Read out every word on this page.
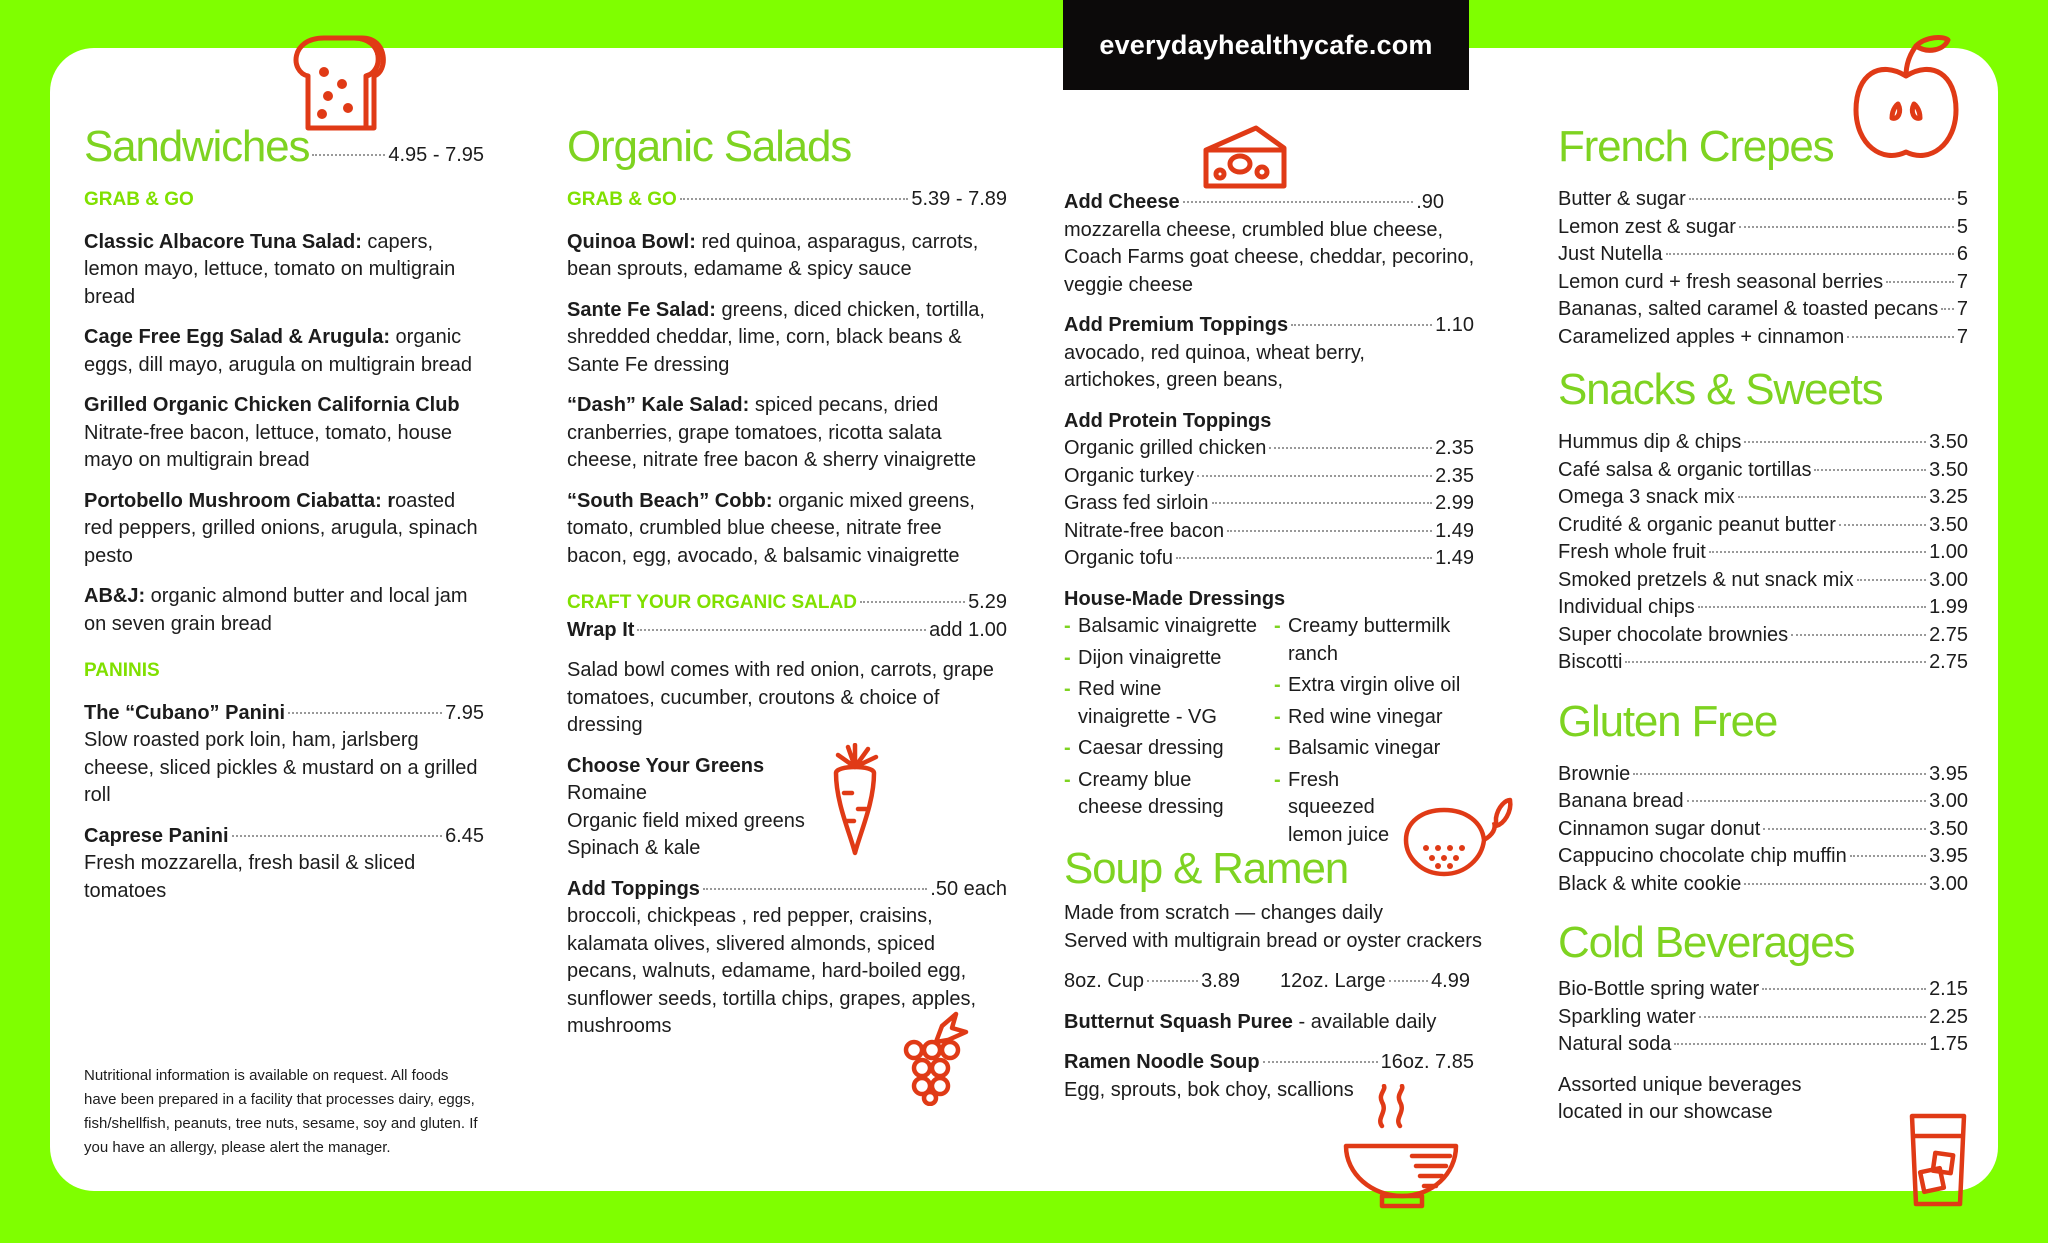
everydayhealthycafe.com
Sandwiches	4.95 - 7.95

GRAB & GO

Classic Albacore Tuna Salad: capers, lemon mayo, lettuce, tomato on multigrain bread

Cage Free Egg Salad & Arugula: organic eggs, dill mayo, arugula on multigrain bread

Grilled Organic Chicken California Club
Nitrate-free bacon, lettuce, tomato, house mayo on multigrain bread

Portobello Mushroom Ciabatta: roasted red peppers, grilled onions, arugula, spinach pesto

AB&J: organic almond butter and local jam on seven grain bread

PANINIS

The “Cubano” Panini	7.95

Slow roasted pork loin, ham, jarlsberg cheese, sliced pickles & mustard on a grilled roll

Caprese Panini	6.45

Fresh mozzarella, fresh basil & sliced tomatoes

Nutritional information is available on request. All foods have been prepared in a facility that processes dairy, eggs, fish/shellfish, peanuts, tree nuts, sesame, soy and gluten. If you have an allergy, please alert the manager.

Organic Salads
GRAB & GO	5.39 - 7.89

Quinoa Bowl: red quinoa, asparagus, carrots, bean sprouts, edamame & spicy sauce

Sante Fe Salad: greens, diced chicken, tortilla, shredded cheddar, lime, corn, black beans & Sante Fe dressing

“Dash” Kale Salad: spiced pecans, dried cranberries, grape tomatoes, ricotta salata cheese, nitrate free bacon & sherry vinaigrette

“South Beach” Cobb: organic mixed greens, tomato, crumbled blue cheese, nitrate free bacon, egg, avocado, & balsamic vinaigrette

CRAFT YOUR ORGANIC SALAD	5.29
Wrap It	add 1.00

Salad bowl comes with red onion, carrots, grape tomatoes, cucumber, croutons & choice of dressing

Choose Your Greens

Romaine

Organic field mixed greens

Spinach & kale

Add Toppings	.50 each

broccoli, chickpeas , red pepper, craisins, kalamata olives, slivered almonds, spiced pecans, walnuts, edamame, hard-boiled egg, sunflower seeds, tortilla chips, grapes, apples, mushrooms

Add Cheese	.90

mozzarella cheese, crumbled blue cheese, Coach Farms goat cheese, cheddar, pecorino, veggie cheese

Add Premium Toppings	1.10

avocado, red quinoa, wheat berry, artichokes, green beans,

Add Protein Toppings

Organic grilled chicken	2.35
Organic turkey	2.35
Grass fed sirloin	2.99
Nitrate-free bacon	1.49
Organic tofu	1.49

House-Made Dressings

- Balsamic vinaigrette
- Dijon vinaigrette
- Red wine vinaigrette - VG
- Caesar dressing
- Creamy blue cheese dressing
- Creamy buttermilk ranch
- Extra virgin olive oil
- Red wine vinegar
- Balsamic vinegar
- Fresh squeezed lemon juice
Soup & Ramen

Made from scratch — changes daily

Served with multigrain bread or oyster crackers

8oz. Cup	3.89 12oz. Large 4.99

Butternut Squash Puree - available daily

Ramen Noodle Soup	16oz. 7.85

Egg, sprouts, bok choy, scallions

French Crepes
Butter & sugar	5
Lemon zest & sugar	5
Just Nutella	6
Lemon curd + fresh seasonal berries	7
Bananas, salted caramel & toasted pecans 7
Caramelized apples + cinnamon	7
Snacks & Sweets
Hummus dip & chips	3.50
Café salsa & organic tortillas	3.50
Omega 3 snack mix	3.25
Crudité & organic peanut butter	3.50
Fresh whole fruit	1.00
Smoked pretzels & nut snack mix	3.00
Individual chips	1.99
Super chocolate brownies	2.75
Biscotti	2.75
Gluten Free
Brownie	3.95
Banana bread	3.00
Cinnamon sugar donut	3.50
Cappucino chocolate chip muffin	3.95
Black & white cookie	3.00
Cold Beverages
Bio-Bottle spring water	2.15
Sparkling water	2.25
Natural soda	1.75

Assorted unique beverages located in our showcase
